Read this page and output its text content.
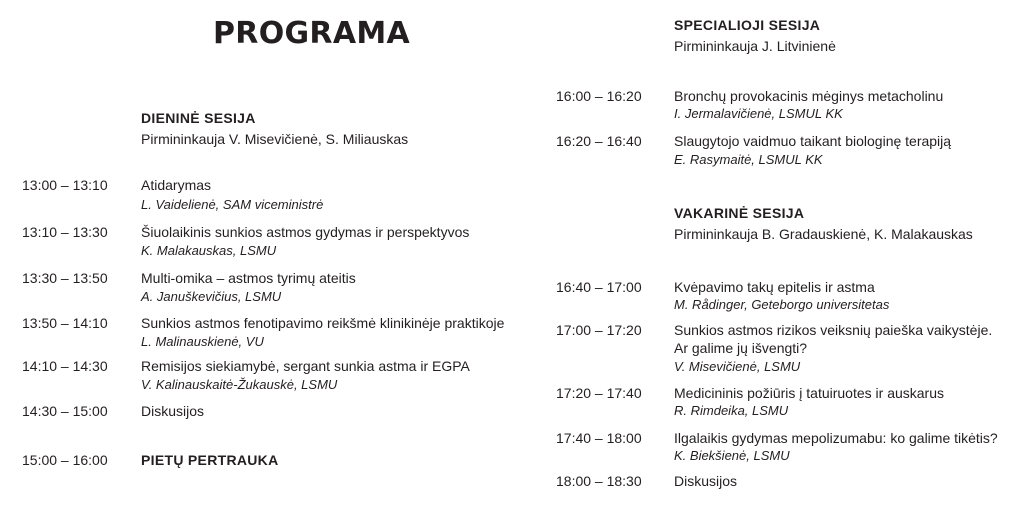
PROGRAMA
DIENINĖ SESIJA
Pirmininkauja V. Misevičienė, S. Miliauskas
13:00 – 13:10 Atidarymas
L. Vaidelienė, SAM viceministrė
13:10 – 13:30 Šiuolaikinis sunkios astmos gydymas ir perspektyvos
K. Malakauskas, LSMU
13:30 – 13:50 Multi-omika – astmos tyrimų ateitis
A. Januškevičius, LSMU
13:50 – 14:10 Sunkios astmos fenotipavimo reikšmė klinikinėje praktikoje
L. Malinauskienė, VU
14:10 – 14:30 Remisijos siekiamybė, sergant sunkia astma ir EGPA
V. Kalinauskaitė-Žukauskė, LSMU
14:30 – 15:00 Diskusijos
15:00 – 16:00 PIETŲ PERTRAUKA
SPECIALIOJI SESIJA
Pirmininkauja J. Litvinienė
16:00 – 16:20 Bronchų provokacinis mėginys metacholinu
I. Jermalavičienė, LSMUL KK
16:20 – 16:40 Slaugytojo vaidmuo taikant biologinę terapiją
E. Rasymaitė, LSMUL KK
VAKARINĖ SESIJA
Pirmininkauja B. Gradauskienė, K. Malakauskas
16:40 – 17:00 Kvėpavimo takų epitelis ir astma
M. Rådinger, Geteborgo universitetas
17:00 – 17:20 Sunkios astmos rizikos veiksnių paieška vaikystėje.
Ar galime jų išvengti?
V. Misevičienė, LSMU
17:20 – 17:40 Medicininis požiūris į tatuiruotes ir auskarus
R. Rimdeika, LSMU
17:40 – 18:00 Ilgalaikis gydymas mepolizumabu: ko galime tikėtis?
K. Biekšienė, LSMU
18:00 – 18:30 Diskusijos
